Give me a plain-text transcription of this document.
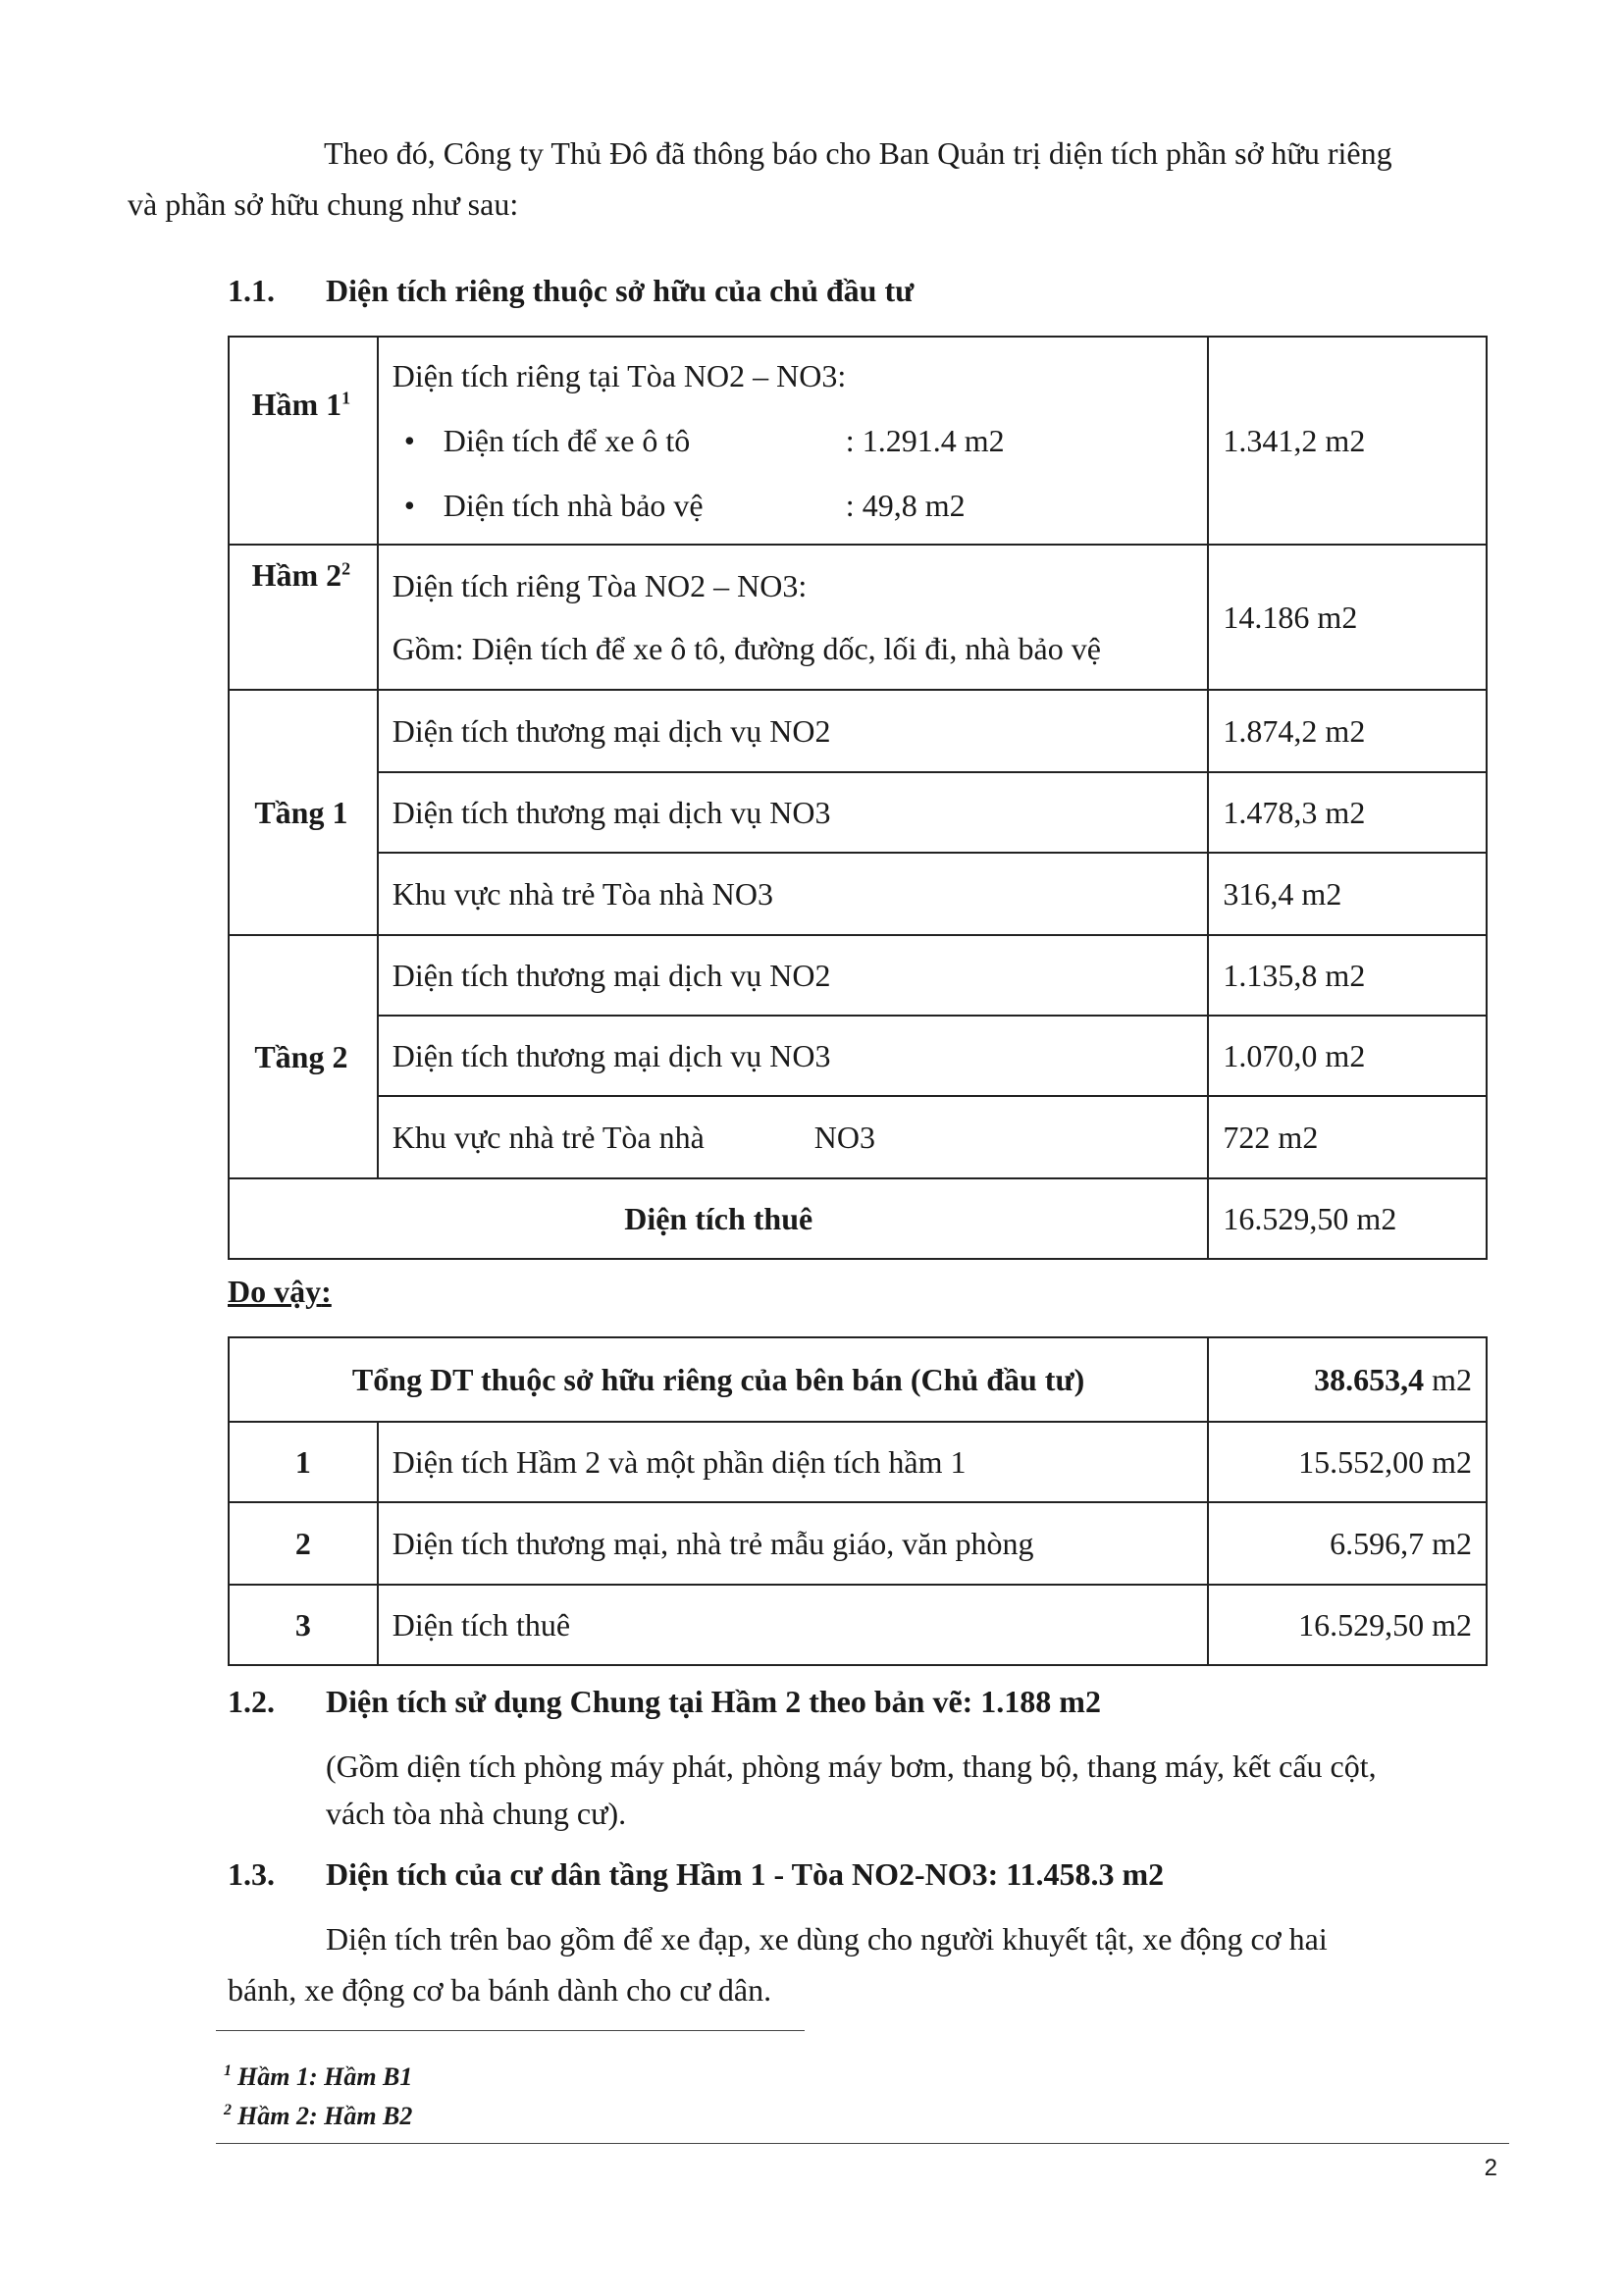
Theo đó, Công ty Thủ Đô đã thông báo cho Ban Quản trị diện tích phần sở hữu riêng
và phần sở hữu chung như sau:

1.1. Diện tích riêng thuộc sở hữu của chủ đầu tư

Hầm $1^1$	Diện tích riêng tại Tòa NO2 – NO3:
• Diện tích để xe ô tô : 1.291.4 m2
• Diện tích nhà bảo vệ : 49,8 m2	1.341,2 m2
Hầm $2^2$	Diện tích riêng Tòa NO2 – NO3:
Gồm: Diện tích để xe ô tô, đường dốc, lối đi, nhà bảo vệ	14.186 m2
Tầng 1	Diện tích thương mại dịch vụ NO2	1.874,2 m2
	Diện tích thương mại dịch vụ NO3	1.478,3 m2
	Khu vực nhà trẻ Tòa nhà NO3	316,4 m2
Tầng 2	Diện tích thương mại dịch vụ NO2	1.135,8 m2
	Diện tích thương mại dịch vụ NO3	1.070,0 m2
	Khu vực nhà trẻ Tòa nhà NO3	722 m2
Diện tích thuê		16.529,50 m2

Do vậy:

Tổng DT thuộc sở hữu riêng của bên bán (Chủ đầu tư)		38.653,4 m2
1	Diện tích Hầm 2 và một phần diện tích hầm 1	15.552,00 m2
2	Diện tích thương mại, nhà trẻ mẫu giáo, văn phòng	6.596,7 m2
3	Diện tích thuê	16.529,50 m2

1.2. Diện tích sử dụng Chung tại Hầm 2 theo bản vẽ: 1.188 m2

(Gồm diện tích phòng máy phát, phòng máy bơm, thang bộ, thang máy, kết cấu cột,
vách tòa nhà chung cư).

1.3. Diện tích của cư dân tầng Hầm 1 - Tòa NO2-NO3: 11.458.3 m2

Diện tích trên bao gồm để xe đạp, xe dùng cho người khuyết tật, xe động cơ hai
bánh, xe động cơ ba bánh dành cho cư dân.

$^1$ Hầm 1: Hầm B1

$^2$ Hầm 2: Hầm B2

2
